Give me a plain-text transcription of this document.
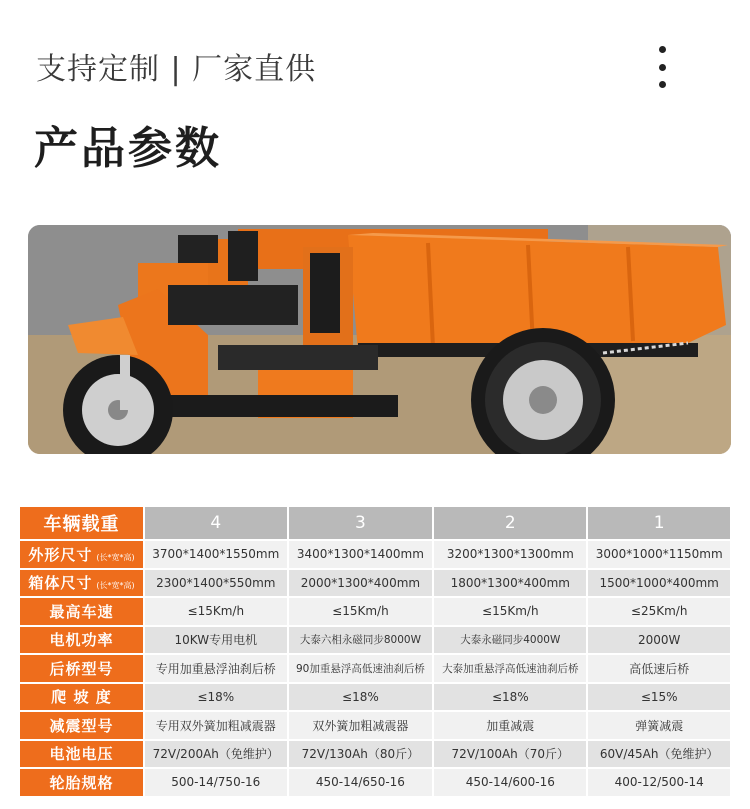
支持定制 | 厂家直供
产品参数
车辆载重	4	3	2	1
外形尺寸 (长*宽*高)	3700*1400*1550mm	3400*1300*1400mm	3200*1300*1300mm	3000*1000*1150mm
箱体尺寸 (长*宽*高)	2300*1400*550mm	2000*1300*400mm	1800*1300*400mm	1500*1000*400mm
最高车速	≤15Km/h	≤15Km/h	≤15Km/h	≤25Km/h
电机功率	10KW专用电机	大泰六相永磁同步8000W	大泰永磁同步4000W	2000W
后桥型号	专用加重悬浮油刹后桥	90加重悬浮高低速油刹后桥	大泰加重悬浮高低速油刹后桥	高低速后桥
爬 坡 度	≤18%	≤18%	≤18%	≤15%
减震型号	专用双外簧加粗减震器	双外簧加粗减震器	加重减震	弹簧减震
电池电压	72V/200Ah（免维护）	72V/130Ah（80斤）	72V/100Ah（70斤）	60V/45Ah（免维护）
轮胎规格	500-14/750-16	450-14/650-16	450-14/600-16	400-12/500-14
